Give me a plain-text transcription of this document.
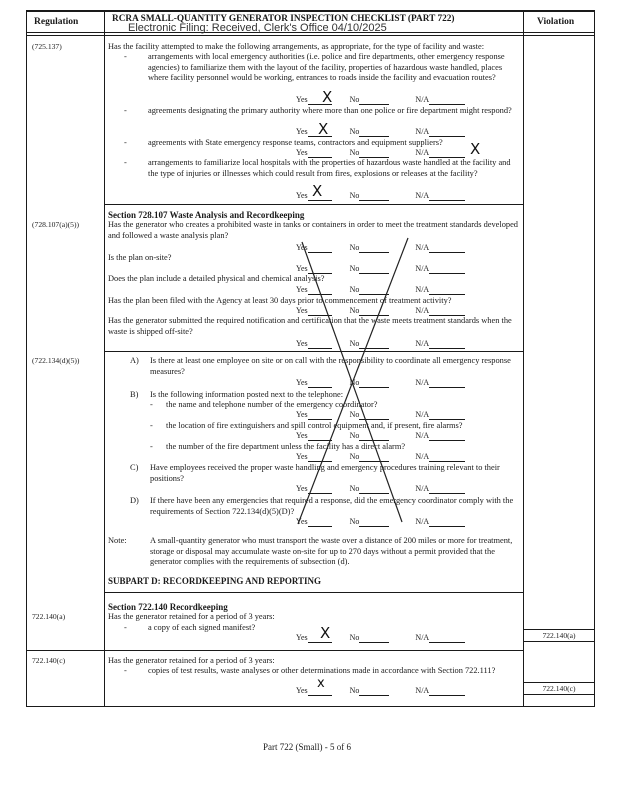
Regulation	RCRA SMALL-QUANTITY GENERATOR INSPECTION CHECKLIST (PART 722)	Violation
Electronic Filing: Received, Clerk's Office 04/10/2025
(725.137)	Has the facility attempted to make the following arrangements, as appropriate, for the type of facility and waste:
-	arrangements with local emergency authorities (i.e. police and fire departments, other emergency response agencies) to familiarize them with the layout of the facility, properties of hazardous waste handled, places where facility personnel would be working, entrances to roads inside the facility and evacuation routes?
Yes	No	N/A
X
-	agreements designating the primary authority where more than one police or fire department might respond?
Yes	No	N/A
X
-	agreements with State emergency response teams, contractors and equipment suppliers?
Yes	No	N/A	X
-	arrangements to familiarize local hospitals with the properties of hazardous waste handled at the facility and the type of injuries or illnesses which could result from fires, explosions or releases at the facility?
Yes	No	N/A
X
Section 728.107 Waste Analysis and Recordkeeping
(728.107(a)(5))	Has the generator who creates a prohibited waste in tanks or containers in order to meet the treatment standards developed and followed a waste analysis plan?
Yes	No	N/A
Is the plan on-site?
Yes	No	N/A
Does the plan include a detailed physical and chemical analysis?
Yes	No	N/A
Has the plan been filed with the Agency at least 30 days prior to commencement of treatment activity?
Yes	No	N/A
Has the generator submitted the required notification and certification that the waste meets treatment standards when the waste is shipped off-site?
Yes	No	N/A
(722.134(d)(5))	A) Is there at least one employee on site or on call with the responsibility to coordinate all emergency response measures?
Yes	No	N/A
B) Is the following information posted next to the telephone:
- the name and telephone number of the emergency coordinator?
Yes	No	N/A
- the location of fire extinguishers and spill control equipment and, if present, fire alarms?
Yes	No	N/A
- the number of the fire department unless the facility has a direct alarm?
Yes	No	N/A
C) Have employees received the proper waste handling and emergency procedures training relevant to their positions?
Yes	No	N/A
D) If there have been any emergencies that required a response, did the emergency coordinator comply with the requirements of Section 722.134(d)(5)(D)?
Yes	No	N/A
Note:	A small-quantity generator who must transport the waste over a distance of 200 miles or more for treatment, storage or disposal may accumulate waste on-site for up to 270 days without a permit provided that the generator complies with the requirements of subsection (d).
SUBPART D: RECORDKEEPING AND REPORTING
Section 722.140 Recordkeeping
722.140(a)	Has the generator retained for a period of 3 years:
-	a copy of each signed manifest?
Yes	No	N/A
X	722.140(a)
722.140(c)	Has the generator retained for a period of 3 years:
-	copies of test results, waste analyses or other determinations made in accordance with Section 722.111?
Yes	No	N/A
x	722.140(c)
Part 722 (Small) - 5 of 6
